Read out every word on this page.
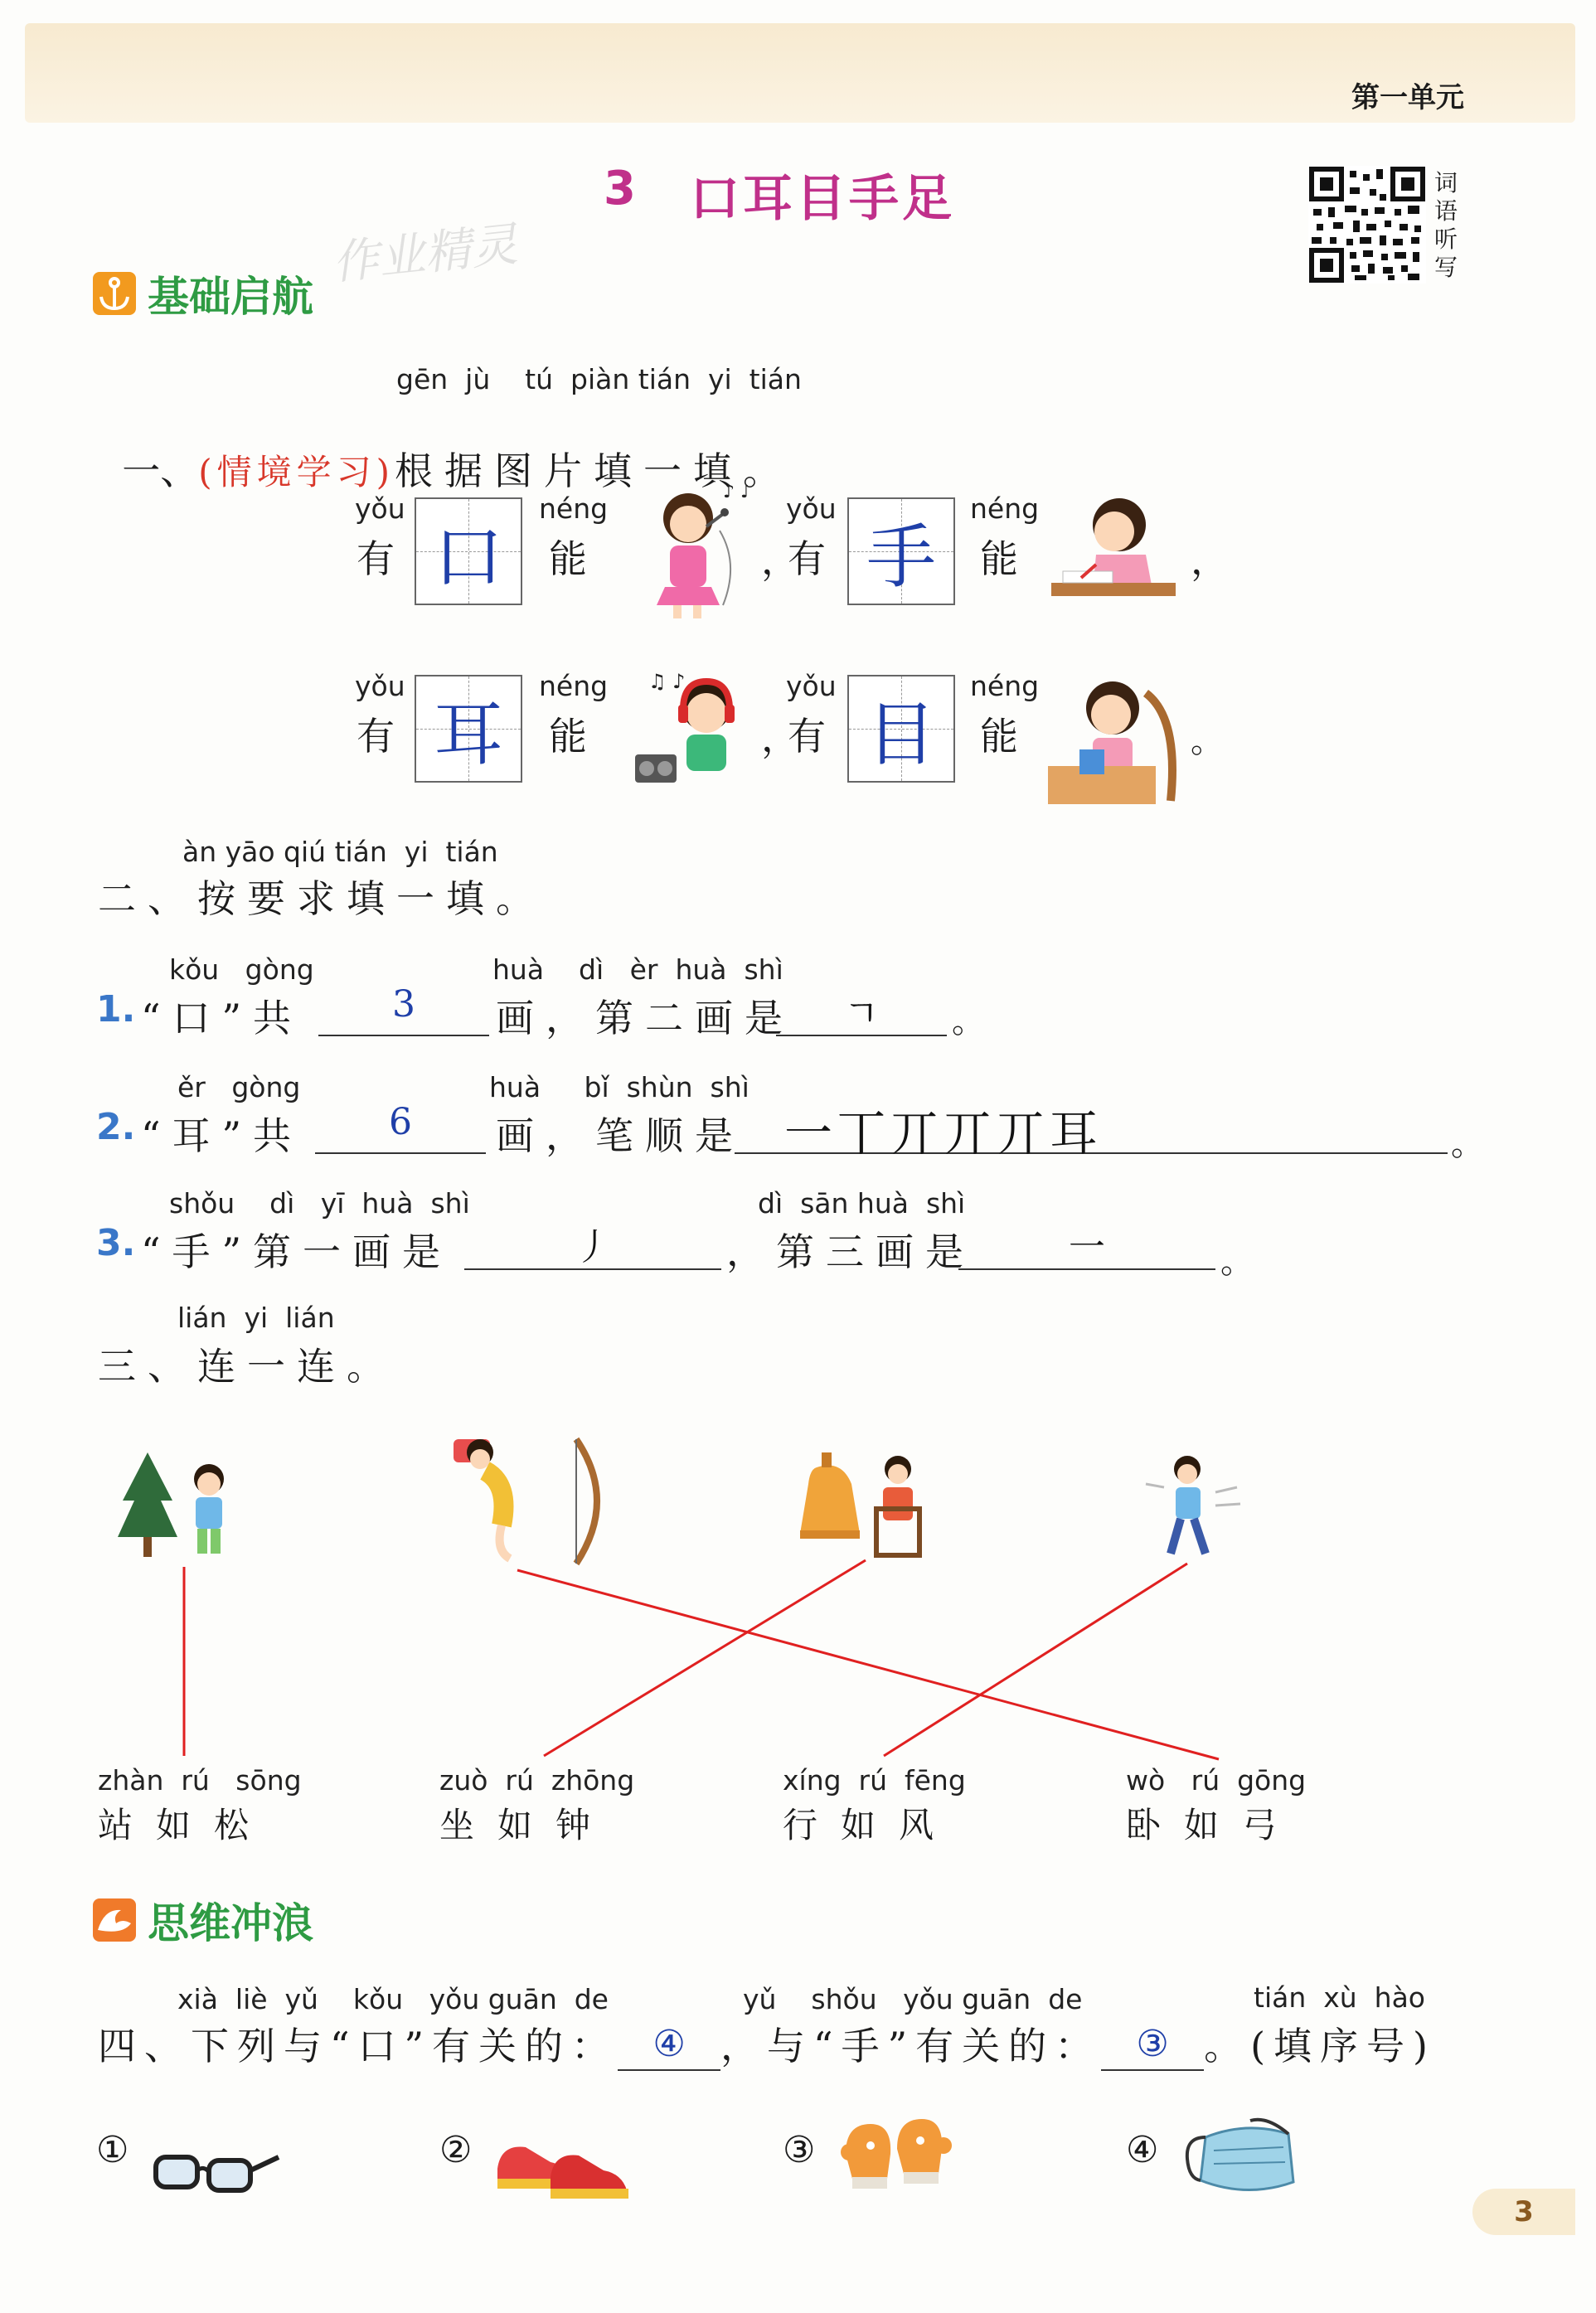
第一单元
3 口耳目手足	词
语
听
写
作业精灵
基础启航
gēn  jù    tú  piàn tián  yi  tián

一、(情境学习)根据图片填一填。

yǒu
有 口
néng
能
♪ ♪
，
yǒu
有 手
néng
能	，
yǒu
有 耳
néng
能
♫ ♪
，
yǒu
有 目
néng
能	。
àn yāo qiú tián  yi  tián
二、按要求填一填。
kǒu   gòng	huà    dì   èr  huà  shì
1. “口”共	3	画，第二画是	ㄱ	。
ěr   gòng	huà     bǐ  shùn  shì
2. “耳”共	6	画，笔顺是 一丅丌丌丌耳	。
shǒu    dì   yī  huà  shì	dì  sān huà  shì
3. “手”第一画是	丿	，第三画是	一	。
lián  yi  lián
三、连一连。
zhàn  rú   sōng
站如松
zuò  rú  zhōng
坐如钟
xíng  rú  fēng
行如风
wò   rú  gōng
卧如弓
思维冲浪
xià  liè  yǔ    kǒu   yǒu guān  de	yǔ    shǒu   yǒu guān  de	tián  xù  hào
四、下列与“口”有关的： ④ ，与“手”有关的： ③ 。(填序号)
①	②	③	④
3
